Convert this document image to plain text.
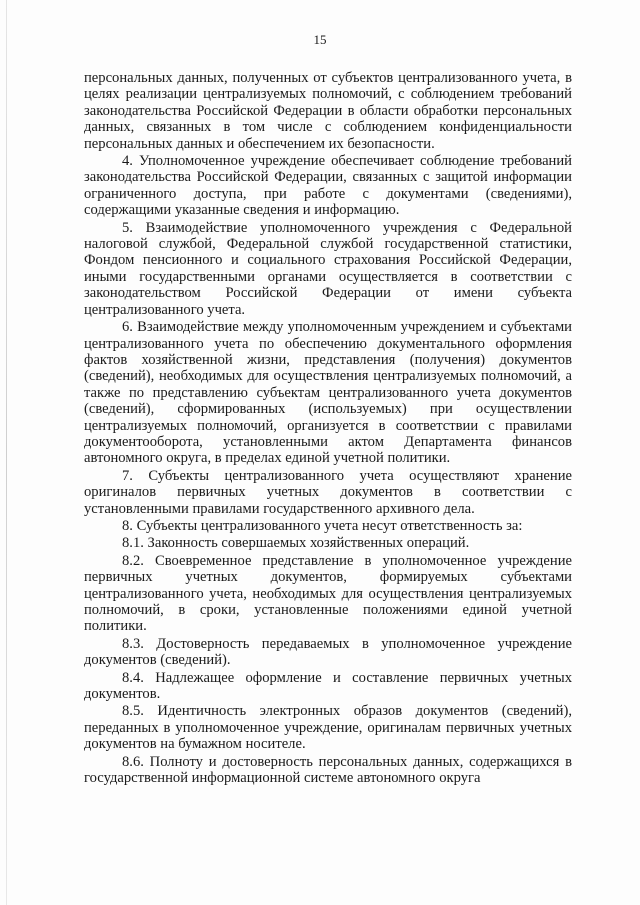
15

персональных данных, полученных от субъектов централизованного учета, в целях реализации централизуемых полномочий, с соблюдением требований законодательства Российской Федерации в области обработки персональных данных, связанных в том числе с соблюдением конфиденциальности персональных данных и обеспечением их безопасности.

4. Уполномоченное учреждение обеспечивает соблюдение требований законодательства Российской Федерации, связанных с защитой информации ограниченного доступа, при работе с документами (сведениями), содержащими указанные сведения и информацию.

5. Взаимодействие уполномоченного учреждения с Федеральной налоговой службой, Федеральной службой государственной статистики, Фондом пенсионного и социального страхования Российской Федерации, иными государственными органами осуществляется в соответствии с законодательством Российской Федерации от имени субъекта централизованного учета.

6. Взаимодействие между уполномоченным учреждением и субъектами централизованного учета по обеспечению документального оформления фактов хозяйственной жизни, представления (получения) документов (сведений), необходимых для осуществления централизуемых полномочий, а также по представлению субъектам централизованного учета документов (сведений), сформированных (используемых) при осуществлении централизуемых полномочий, организуется в соответствии с правилами документооборота, установленными актом Департамента финансов автономного округа, в пределах единой учетной политики.

7. Субъекты централизованного учета осуществляют хранение оригиналов первичных учетных документов в соответствии с установленными правилами государственного архивного дела.

8. Субъекты централизованного учета несут ответственность за:

8.1. Законность совершаемых хозяйственных операций.

8.2. Своевременное представление в уполномоченное учреждение первичных учетных документов, формируемых субъектами централизованного учета, необходимых для осуществления централизуемых полномочий, в сроки, установленные положениями единой учетной политики.

8.3. Достоверность передаваемых в уполномоченное учреждение документов (сведений).

8.4. Надлежащее оформление и составление первичных учетных документов.

8.5. Идентичность электронных образов документов (сведений), переданных в уполномоченное учреждение, оригиналам первичных учетных документов на бумажном носителе.

8.6. Полноту и достоверность персональных данных, содержащихся в государственной информационной системе автономного округа
